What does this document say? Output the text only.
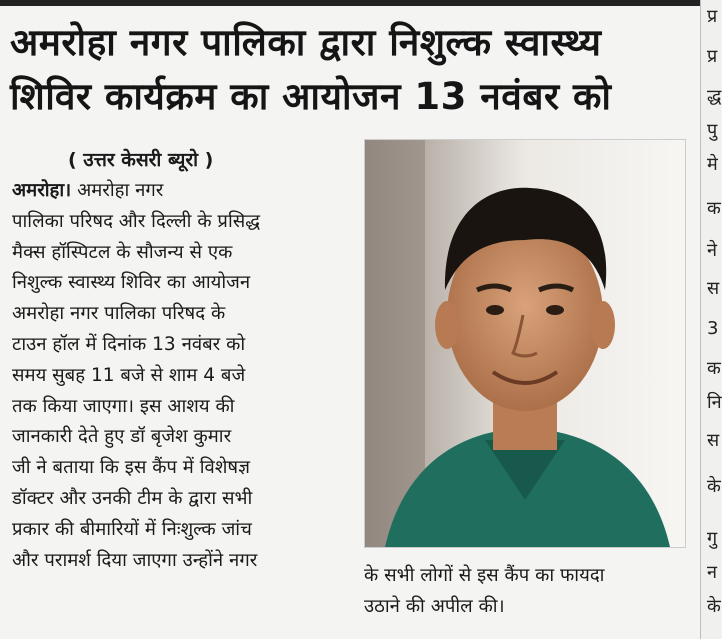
अमरोहा नगर पालिका द्वारा निशुल्क स्वास्थ्य
शिविर कार्यक्रम का आयोजन 13 नवंबर को
( उत्तर केसरी ब्यूरो )
अमरोहा। अमरोहा नगर
पालिका परिषद और दिल्ली के प्रसिद्ध
मैक्स हॉस्पिटल के सौजन्य से एक
निशुल्क स्वास्थ्य शिविर का आयोजन
अमरोहा नगर पालिका परिषद के
टाउन हॉल में दिनांक 13 नवंबर को
समय सुबह 11 बजे से शाम 4 बजे
तक किया जाएगा। इस आशय की
जानकारी देते हुए डॉ बृजेश कुमार
जी ने बताया कि इस कैंप में विशेषज्ञ
डॉक्टर और उनकी टीम के द्वारा सभी
प्रकार की बीमारियों में निःशुल्क जांच
और परामर्श दिया जाएगा उन्होंने नगर
के सभी लोगों से इस कैंप का फायदा
उठाने की अपील की।
प्र
प्र
द्ध
पु
मे
क
ने
स
3
क
नि
स
के
गु
न
के
